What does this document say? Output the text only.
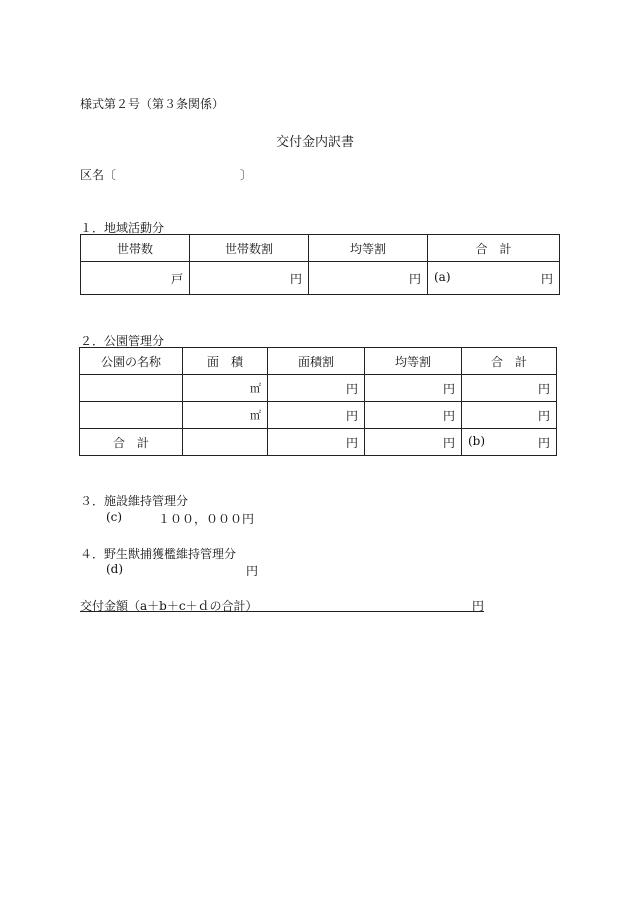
様式第２号（第３条関係）
交付金内訳書
区名〔	〕
１．地域活動分
世帯数	世帯数割	均等割	合　計
戸	円	円	(a) 円
２．公園管理分
公園の名称	面　積	面積割	均等割	合　計
	㎡	円	円	円
	㎡	円	円	円
合　計		円	円	(b) 円
３．施設維持管理分
(c)	１００，０００円
４．野生獣捕獲檻維持管理分
(d)	円
交付金額（a＋b＋c＋ｄの合計）	円
